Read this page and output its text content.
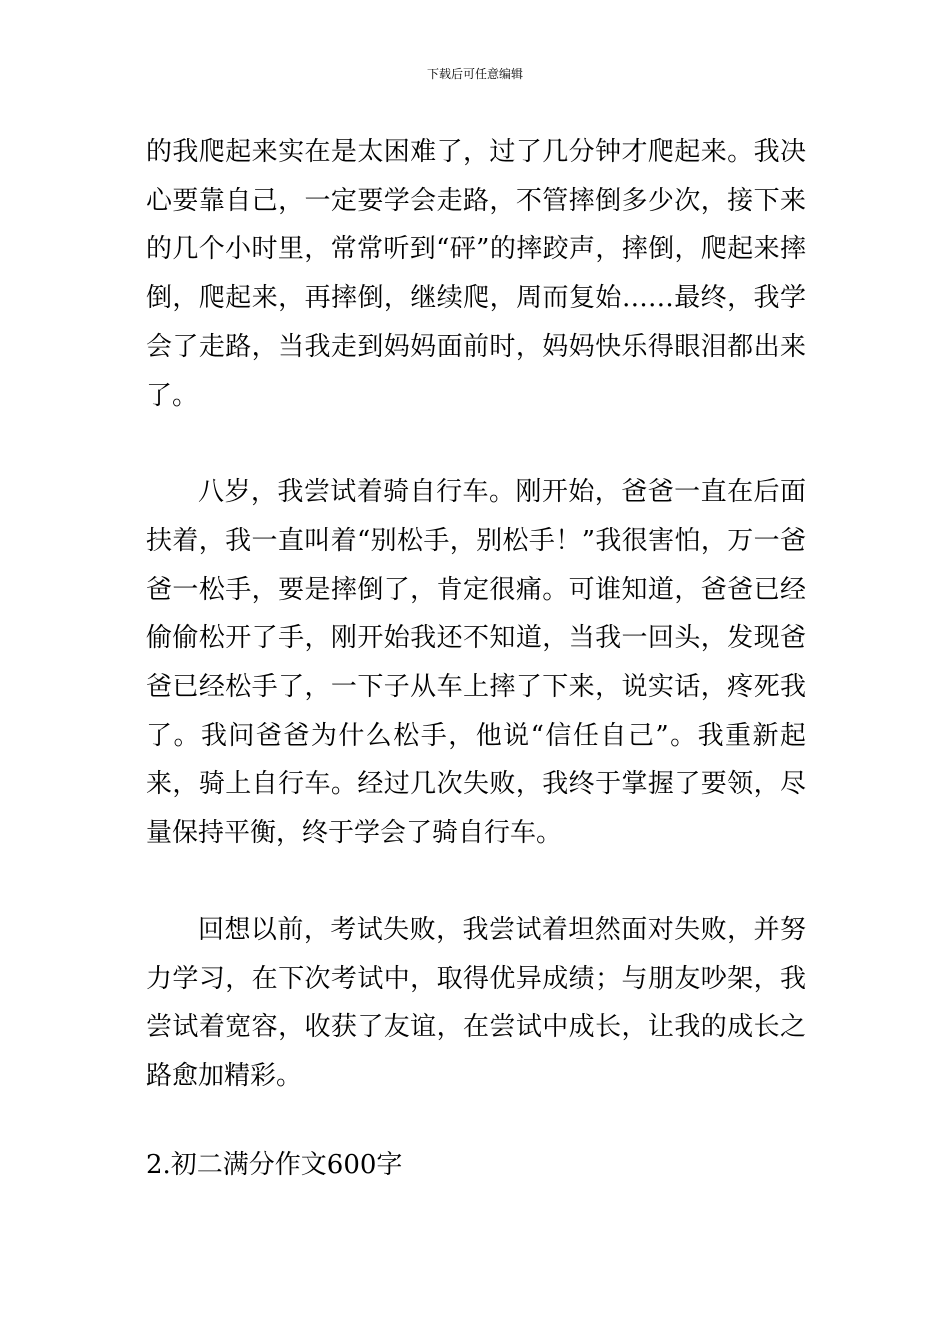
下载后可任意编辑

的我爬起来实在是太困难了，过了几分钟才爬起来。我决心要靠自己，一定要学会走路，不管摔倒多少次，接下来的几个小时里，常常听到“砰”的摔跤声，摔倒，爬起来摔倒，爬起来，再摔倒，继续爬，周而复始……最终，我学会了走路，当我走到妈妈面前时，妈妈快乐得眼泪都出来了。

八岁，我尝试着骑自行车。刚开始，爸爸一直在后面扶着，我一直叫着“别松手，别松手！”我很害怕，万一爸爸一松手，要是摔倒了，肯定很痛。可谁知道，爸爸已经偷偷松开了手，刚开始我还不知道，当我一回头，发现爸爸已经松手了，一下子从车上摔了下来，说实话，疼死我了。我问爸爸为什么松手，他说“信任自己”。我重新起来，骑上自行车。经过几次失败，我终于掌握了要领，尽量保持平衡，终于学会了骑自行车。

回想以前，考试失败，我尝试着坦然面对失败，并努力学习，在下次考试中，取得优异成绩；与朋友吵架，我尝试着宽容，收获了友谊，在尝试中成长，让我的成长之路愈加精彩。

2.初二满分作文600字
